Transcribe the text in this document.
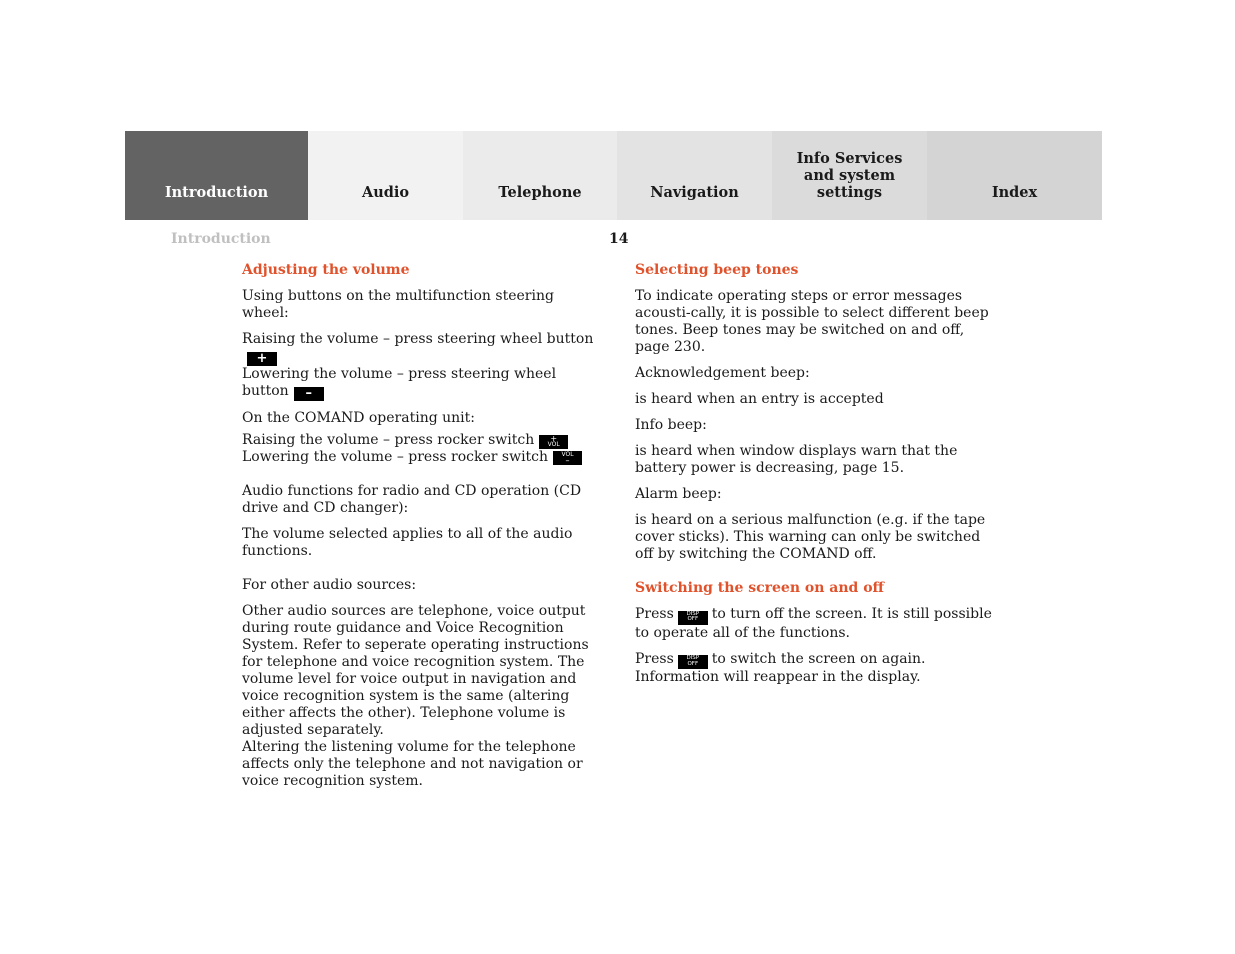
Introduction	Audio	Telephone	Navigation
Info Services and system settings	Index
Introduction	14
Adjusting the volume

Using buttons on the multifunction steering wheel:

Raising the volume – press steering wheel button+
Lowering the volume – press steering wheel
button –

On the COMAND operating unit:

Raising the volume – press rocker switch	+
VOL

Lowering the volume – press rocker switch	VOL
–

Audio functions for radio and CD operation (CD drive and CD changer):

The volume selected applies to all of the audio functions.

For other audio sources:

Other audio sources are telephone, voice output during route guidance and Voice Recognition System. Refer to seperate operating instructions for telephone and voice recognition system. The volume level for voice output in navigation and voice recognition system is the same (altering either affects the other). Telephone volume is adjusted separately.

Altering the listening volume for the telephone affects only the telephone and not navigation or voice recognition system.

Selecting beep tones

To indicate operating steps or error messages acousti-cally, it is possible to select different beep tones. Beep tones may be switched on and off, page 230.

Acknowledgement beep:

is heard when an entry is accepted

Info beep:

is heard when window displays warn that the battery power is decreasing, page 15.

Alarm beep:

is heard on a serious malfunction (e.g. if the tape cover sticks). This warning can only be switched off by switching the COMAND off.

Switching the screen on and off

Press	DISP
OFF to turn off the screen. It is still possible to operate all of the functions.

Press	DISP
OFF to switch the screen on again. Information will reappear in the display.
